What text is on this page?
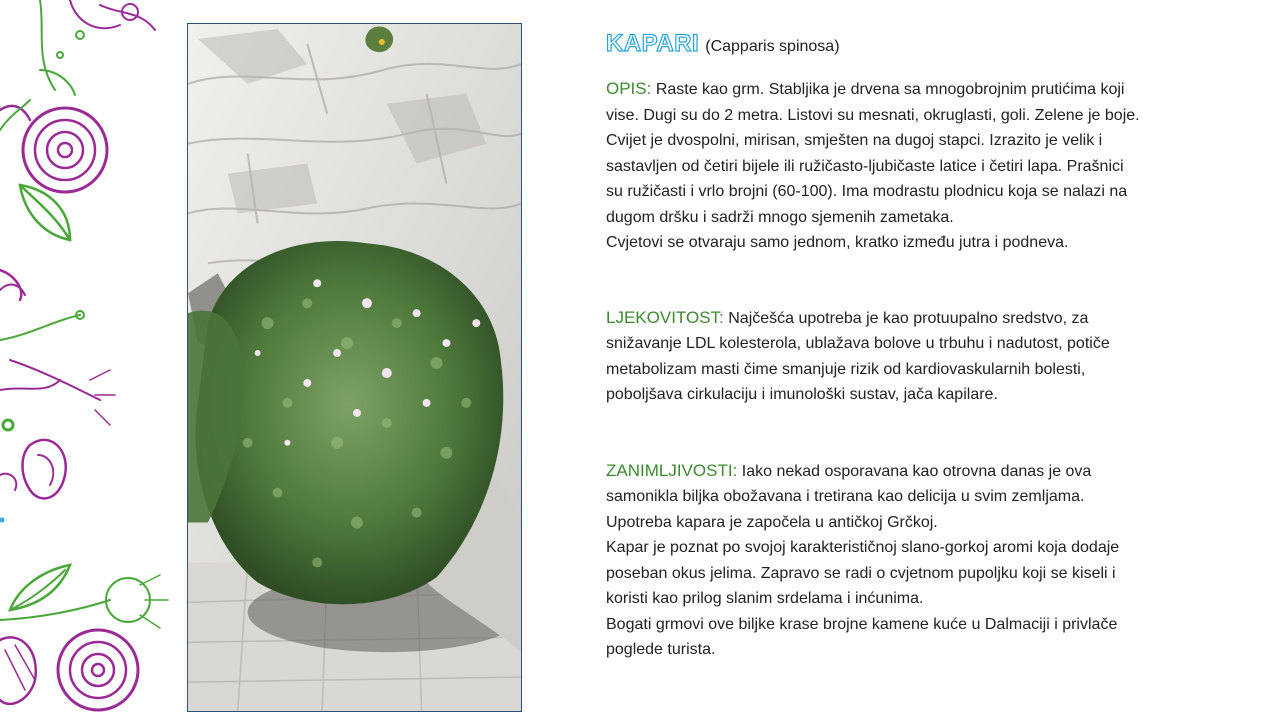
KAPARI (Capparis spinosa)

OPIS: Raste kao grm. Stabljika je drvena sa mnogobrojnim prutićima koji
vise. Dugi su do 2 metra. Listovi su mesnati, okruglasti, goli. Zelene je boje.
Cvijet je dvospolni, mirisan, smješten na dugoj stapci. Izrazito je velik i
sastavljen od četiri bijele ili ružičasto-ljubičaste latice i četiri lapa. Prašnici
su ružičasti i vrlo brojni (60-100). Ima modrastu plodnicu koja se nalazi na
dugom dršku i sadrži mnogo sjemenih zametaka.
Cvjetovi se otvaraju samo jednom, kratko između jutra i podneva.

LJEKOVITOST: Najčešća upotreba je kao protuupalno sredstvo, za
snižavanje LDL kolesterola, ublažava bolove u trbuhu i nadutost, potiče
metabolizam masti čime smanjuje rizik od kardiovaskularnih bolesti,
poboljšava cirkulaciju i imunološki sustav, jača kapilare.

ZANIMLJIVOSTI: Iako nekad osporavana kao otrovna danas je ova
samonikla biljka obožavana i tretirana kao delicija u svim zemljama.
Upotreba kapara je započela u antičkoj Grčkoj.
Kapar je poznat po svojoj karakterističnoj slano-gorkoj aromi koja dodaje
poseban okus jelima. Zapravo se radi o cvjetnom pupoljku koji se kiseli i
koristi kao prilog slanim srdelama i inćunima.
Bogati grmovi ove biljke krase brojne kamene kuće u Dalmaciji i privlače
poglede turista.
